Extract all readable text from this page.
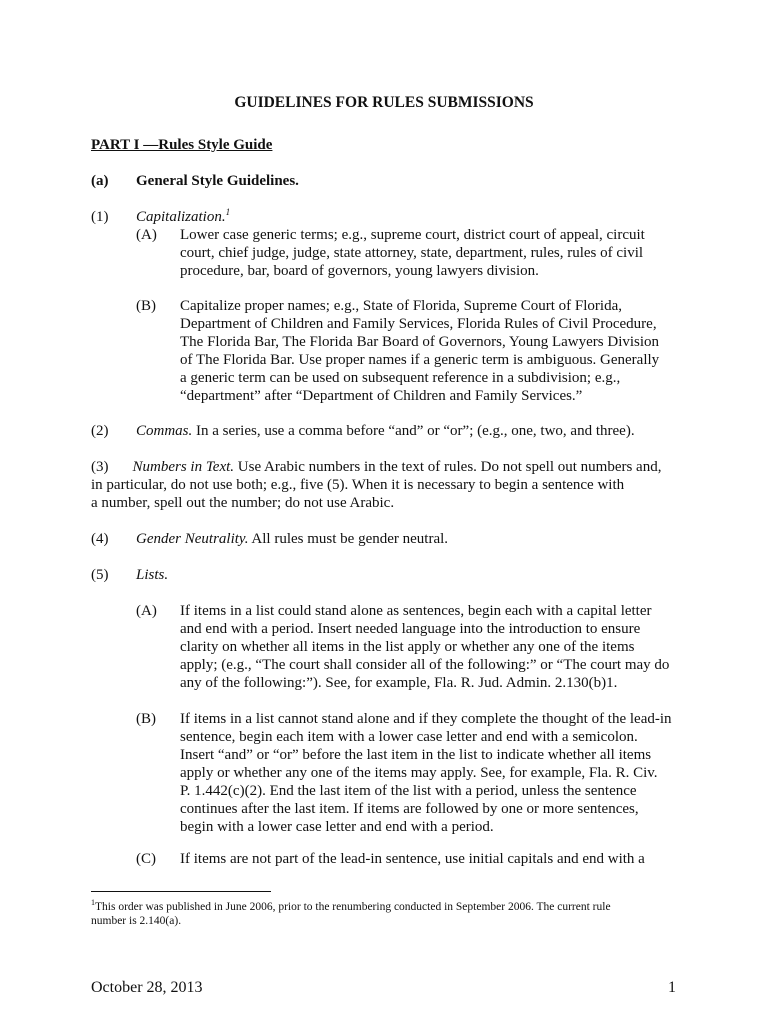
GUIDELINES FOR RULES SUBMISSIONS
PART I —Rules Style Guide
(a) General Style Guidelines.
(1) Capitalization.$^1$
(A) Lower case generic terms; e.g., supreme court, district court of appeal, circuit
court, chief judge, judge, state attorney, state, department, rules, rules of civil
procedure, bar, board of governors, young lawyers division.
(B) Capitalize proper names; e.g., State of Florida, Supreme Court of Florida,
Department of Children and Family Services, Florida Rules of Civil Procedure,
The Florida Bar, The Florida Bar Board of Governors, Young Lawyers Division
of The Florida Bar. Use proper names if a generic term is ambiguous. Generally
a generic term can be used on subsequent reference in a subdivision; e.g.,
“department” after “Department of Children and Family Services.”
(2) Commas. In a series, use a comma before “and” or “or”; (e.g., one, two, and three).
(3) Numbers in Text. Use Arabic numbers in the text of rules. Do not spell out numbers and,
in particular, do not use both; e.g., five (5). When it is necessary to begin a sentence with
a number, spell out the number; do not use Arabic.
(4) Gender Neutrality. All rules must be gender neutral.
(5) Lists.
(A) If items in a list could stand alone as sentences, begin each with a capital letter
and end with a period. Insert needed language into the introduction to ensure
clarity on whether all items in the list apply or whether any one of the items
apply; (e.g., “The court shall consider all of the following:” or “The court may do
any of the following:”). See, for example, Fla. R. Jud. Admin. 2.130(b)1.
(B) If items in a list cannot stand alone and if they complete the thought of the lead-in
sentence, begin each item with a lower case letter and end with a semicolon.
Insert “and” or “or” before the last item in the list to indicate whether all items
apply or whether any one of the items may apply. See, for example, Fla. R. Civ.
P. 1.442(c)(2). End the last item of the list with a period, unless the sentence
continues after the last item. If items are followed by one or more sentences,
begin with a lower case letter and end with a period.
(C) If items are not part of the lead-in sentence, use initial capitals and end with a
$^1$This order was published in June 2006, prior to the renumbering conducted in September 2006. The current rule
number is 2.140(a).
October 28, 2013	1
